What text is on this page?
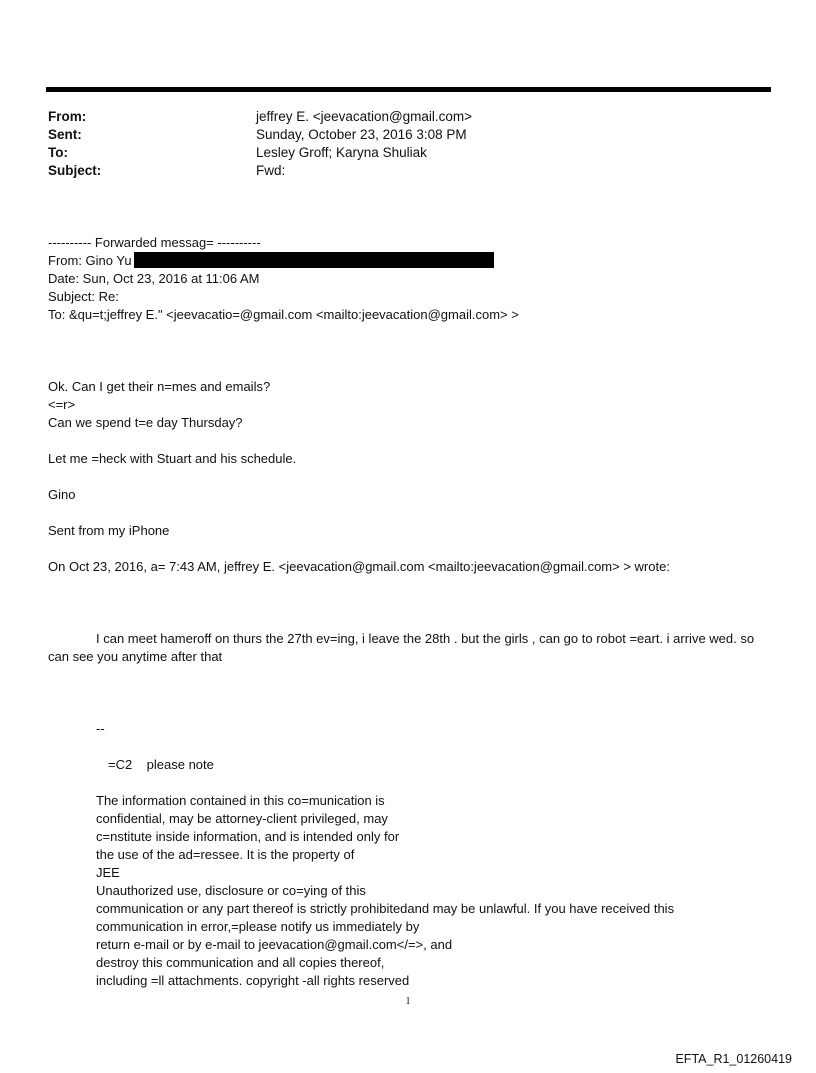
From:	jeffrey E. <jeevacation@gmail.com>
Sent:	Sunday, October 23, 2016 3:08 PM
To:	Lesley Groff; Karyna Shuliak
Subject:	Fwd:
---------- Forwarded messag= ----------
From: Gino Yu
Date: Sun, Oct 23, 2016 at 11:06 AM
Subject: Re:
To: &qu=t;jeffrey E." <jeevacatio=@gmail.com <mailto:jeevacation@gmail.com> >
Ok. Can I get their n=mes and emails?
<=r>
Can we spend t=e day Thursday?
Let me =heck with Stuart and his schedule.
Gino
Sent from my iPhone
On Oct 23, 2016, a= 7:43 AM, jeffrey E. <jeevacation@gmail.com <mailto:jeevacation@gmail.com> > wrote:
I can meet hameroff on thurs the 27th ev=ing, i leave the 28th . but the girls , can go to robot =eart. i arrive wed. so can see you anytime after that
--
=C2    please note
The information contained in this co=munication is
confidential, may be attorney-client privileged, may
c=nstitute inside information, and is intended only for
the use of the ad=ressee. It is the property of
JEE
Unauthorized use, disclosure or co=ying of this
communication or any part thereof is strictly prohibitedand may be unlawful. If you have received this
communication in error,=please notify us immediately by
return e-mail or by e-mail to jeevacation@gmail.com</=>, and
destroy this communication and all copies thereof,
including =ll attachments. copyright -all rights reserved
1
EFTA_R1_01260419
